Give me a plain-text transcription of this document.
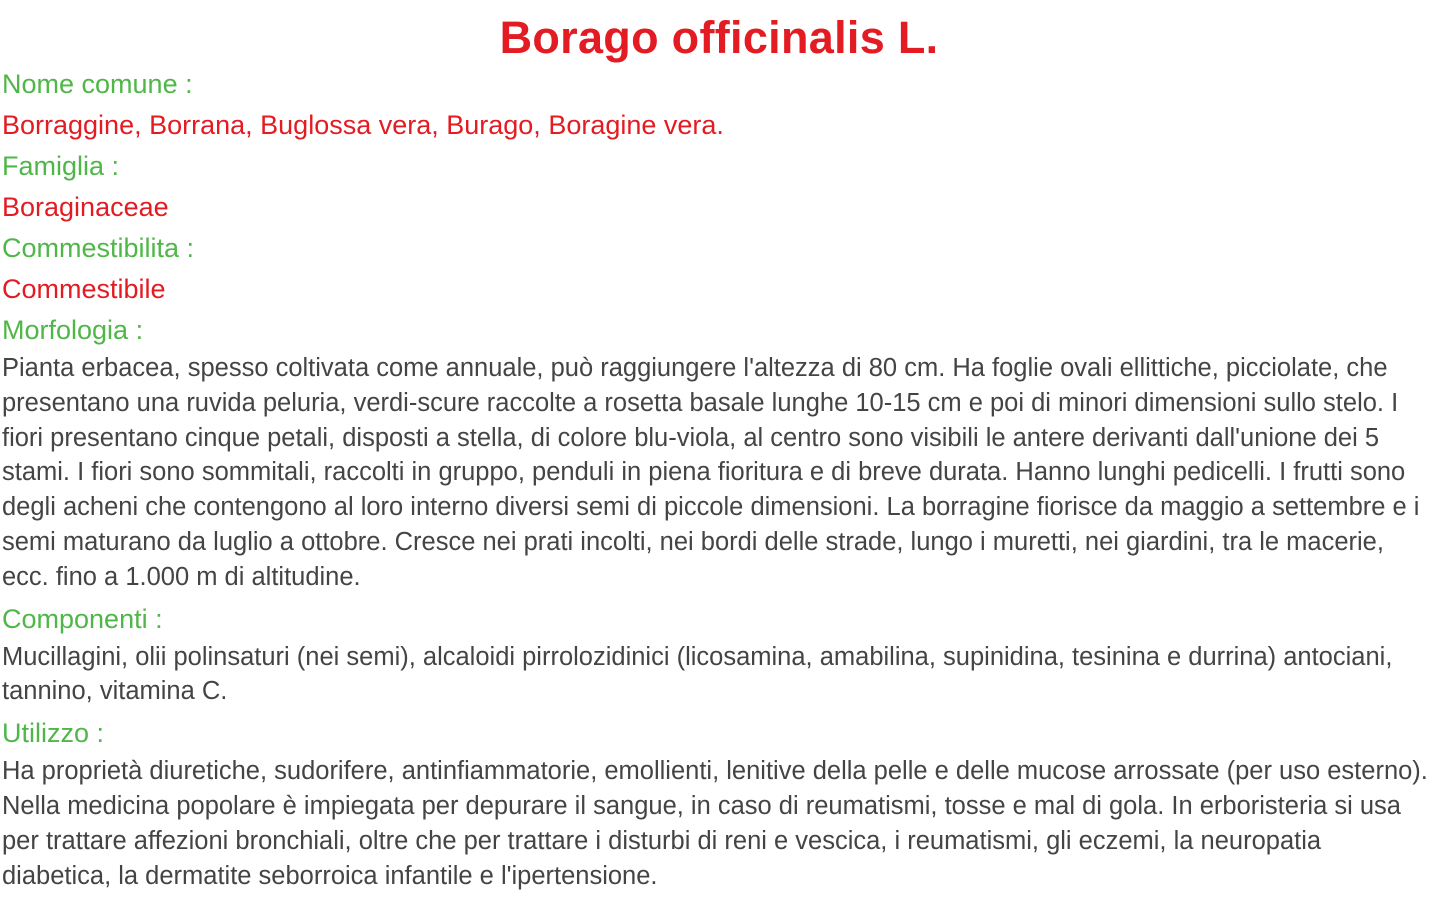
Borago officinalis L.

Nome comune :

Borraggine, Borrana, Buglossa vera, Burago, Boragine vera.

Famiglia :

Boraginaceae

Commestibilita :

Commestibile

Morfologia :

Pianta erbacea, spesso coltivata come annuale, può raggiungere l'altezza di 80 cm. Ha foglie ovali ellittiche, picciolate, che presentano una ruvida peluria, verdi-scure raccolte a rosetta basale lunghe 10-15 cm e poi di minori dimensioni sullo stelo. I fiori presentano cinque petali, disposti a stella, di colore blu-viola, al centro sono visibili le antere derivanti dall'unione dei 5 stami. I fiori sono sommitali, raccolti in gruppo, penduli in piena fioritura e di breve durata. Hanno lunghi pedicelli. I frutti sono degli acheni che contengono al loro interno diversi semi di piccole dimensioni. La borragine fiorisce da maggio a settembre e i semi maturano da luglio a ottobre. Cresce nei prati incolti, nei bordi delle strade, lungo i muretti, nei giardini, tra le macerie, ecc. fino a 1.000 m di altitudine.

Componenti :

Mucillagini, olii polinsaturi (nei semi), alcaloidi pirrolozidinici (licosamina, amabilina, supinidina, tesinina e durrina) antociani, tannino, vitamina C.

Utilizzo :

Ha proprietà diuretiche, sudorifere, antinfiammatorie, emollienti, lenitive della pelle e delle mucose arrossate (per uso esterno). Nella medicina popolare è impiegata per depurare il sangue, in caso di reumatismi, tosse e mal di gola. In erboristeria si usa per trattare affezioni bronchiali, oltre che per trattare i disturbi di reni e vescica, i reumatismi, gli eczemi, la neuropatia diabetica, la dermatite seborroica infantile e l'ipertensione.
